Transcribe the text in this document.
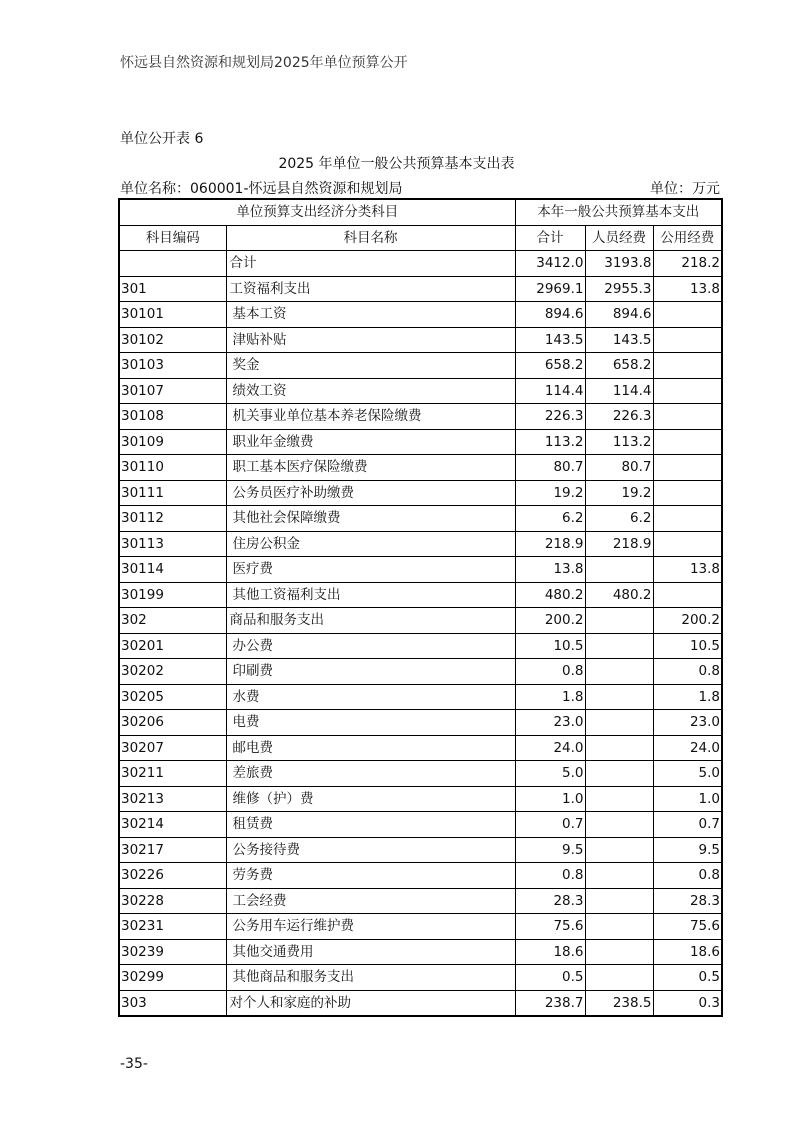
怀远县自然资源和规划局2025年单位预算公开
单位公开表 6
2025 年单位一般公共预算基本支出表
单位名称：060001-怀远县自然资源和规划局	单位：万元
单位预算支出经济分类科目		本年一般公共预算基本支出		
科目编码	科目名称	合计	人员经费	公用经费
	合计	3412.0	3193.8	218.2
301	工资福利支出	2969.1	2955.3	13.8
30101	基本工资	894.6	894.6	
30102	津贴补贴	143.5	143.5	
30103	奖金	658.2	658.2	
30107	绩效工资	114.4	114.4	
30108	机关事业单位基本养老保险缴费	226.3	226.3	
30109	职业年金缴费	113.2	113.2	
30110	职工基本医疗保险缴费	80.7	80.7	
30111	公务员医疗补助缴费	19.2	19.2	
30112	其他社会保障缴费	6.2	6.2	
30113	住房公积金	218.9	218.9	
30114	医疗费	13.8		13.8
30199	其他工资福利支出	480.2	480.2	
302	商品和服务支出	200.2		200.2
30201	办公费	10.5		10.5
30202	印刷费	0.8		0.8
30205	水费	1.8		1.8
30206	电费	23.0		23.0
30207	邮电费	24.0		24.0
30211	差旅费	5.0		5.0
30213	维修（护）费	1.0		1.0
30214	租赁费	0.7		0.7
30217	公务接待费	9.5		9.5
30226	劳务费	0.8		0.8
30228	工会经费	28.3		28.3
30231	公务用车运行维护费	75.6		75.6
30239	其他交通费用	18.6		18.6
30299	其他商品和服务支出	0.5		0.5
303	对个人和家庭的补助	238.7	238.5	0.3
-35-
